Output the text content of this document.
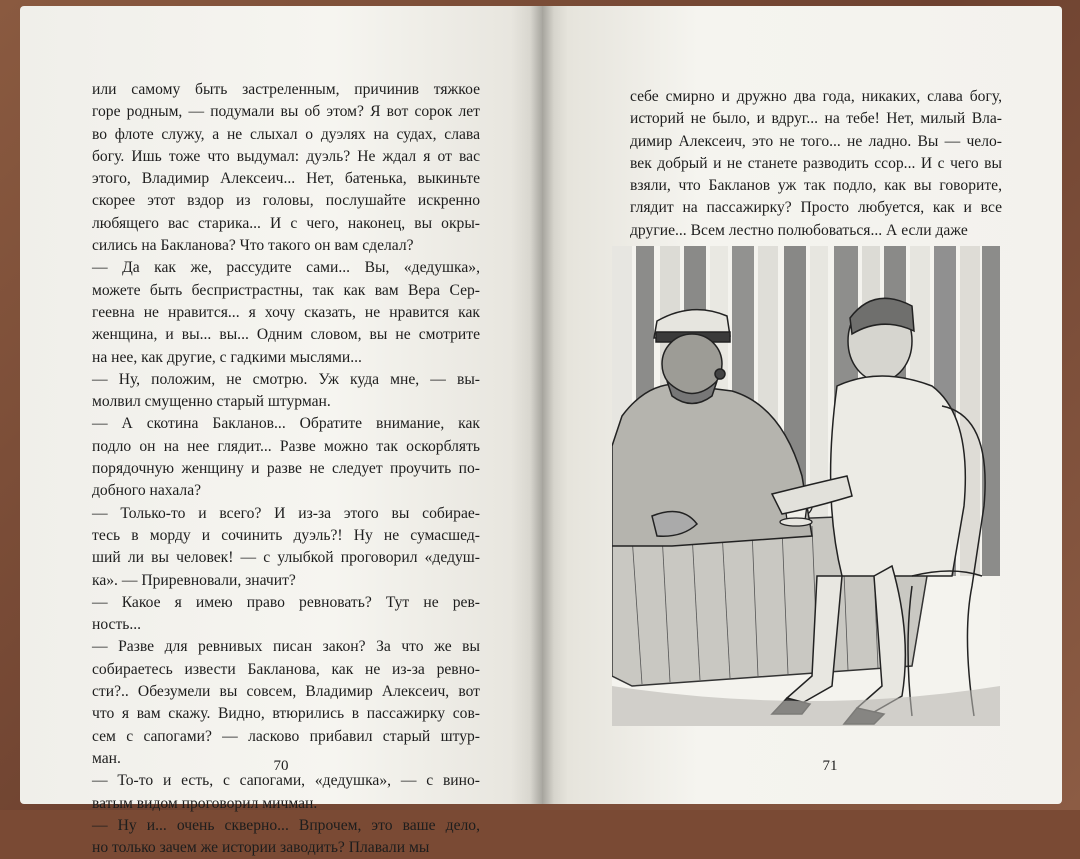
или самому быть застреленным, причинив тяжкое
горе родным, — подумали вы об этом? Я вот сорок лет
во флоте служу, а не слыхал о дуэлях на судах, слава
богу. Ишь тоже что выдумал: дуэль? Не ждал я от вас
этого, Владимир Алексеич... Нет, батенька, выкиньте
скорее этот вздор из головы, послушайте искренно
любящего вас старика... И с чего, наконец, вы окры-
сились на Бакланова? Что такого он вам сделал?
— Да как же, рассудите сами... Вы, «дедушка»,
можете быть беспристрастны, так как вам Вера Сер-
геевна не нравится... я хочу сказать, не нравится как
женщина, и вы... вы... Одним словом, вы не смотрите
на нее, как другие, с гадкими мыслями...
— Ну, положим, не смотрю. Уж куда мне, — вы-
молвил смущенно старый штурман.
— А скотина Бакланов... Обратите внимание, как
подло он на нее глядит... Разве можно так оскорблять
порядочную женщину и разве не следует проучить по-
добного нахала?
— Только-то и всего? И из-за этого вы собирае-
тесь в морду и сочинить дуэль?! Ну не сумасшед-
ший ли вы человек! — с улыбкой проговорил «дедуш-
ка». — Приревновали, значит?
— Какое я имею право ревновать? Тут не рев-
ность...
— Разве для ревнивых писан закон? За что же вы
собираетесь извести Бакланова, как не из-за ревно-
сти?.. Обезумели вы совсем, Владимир Алексеич, вот
что я вам скажу. Видно, втюрились в пассажирку сов-
сем с сапогами? — ласково прибавил старый штур-
ман.
— То-то и есть, с сапогами, «дедушка», — с вино-
ватым видом проговорил мичман.
— Ну и... очень скверно... Впрочем, это ваше дело,
но только зачем же истории заводить? Плавали мы
70
себе смирно и дружно два года, никаких, слава богу,
историй не было, и вдруг... на тебе! Нет, милый Вла-
димир Алексеич, это не того... не ладно. Вы — чело-
век добрый и не станете разводить ссор... И с чего вы
взяли, что Бакланов уж так подло, как вы говорите,
глядит на пассажирку? Просто любуется, как и все
другие... Всем лестно полюбоваться... А если даже
71
